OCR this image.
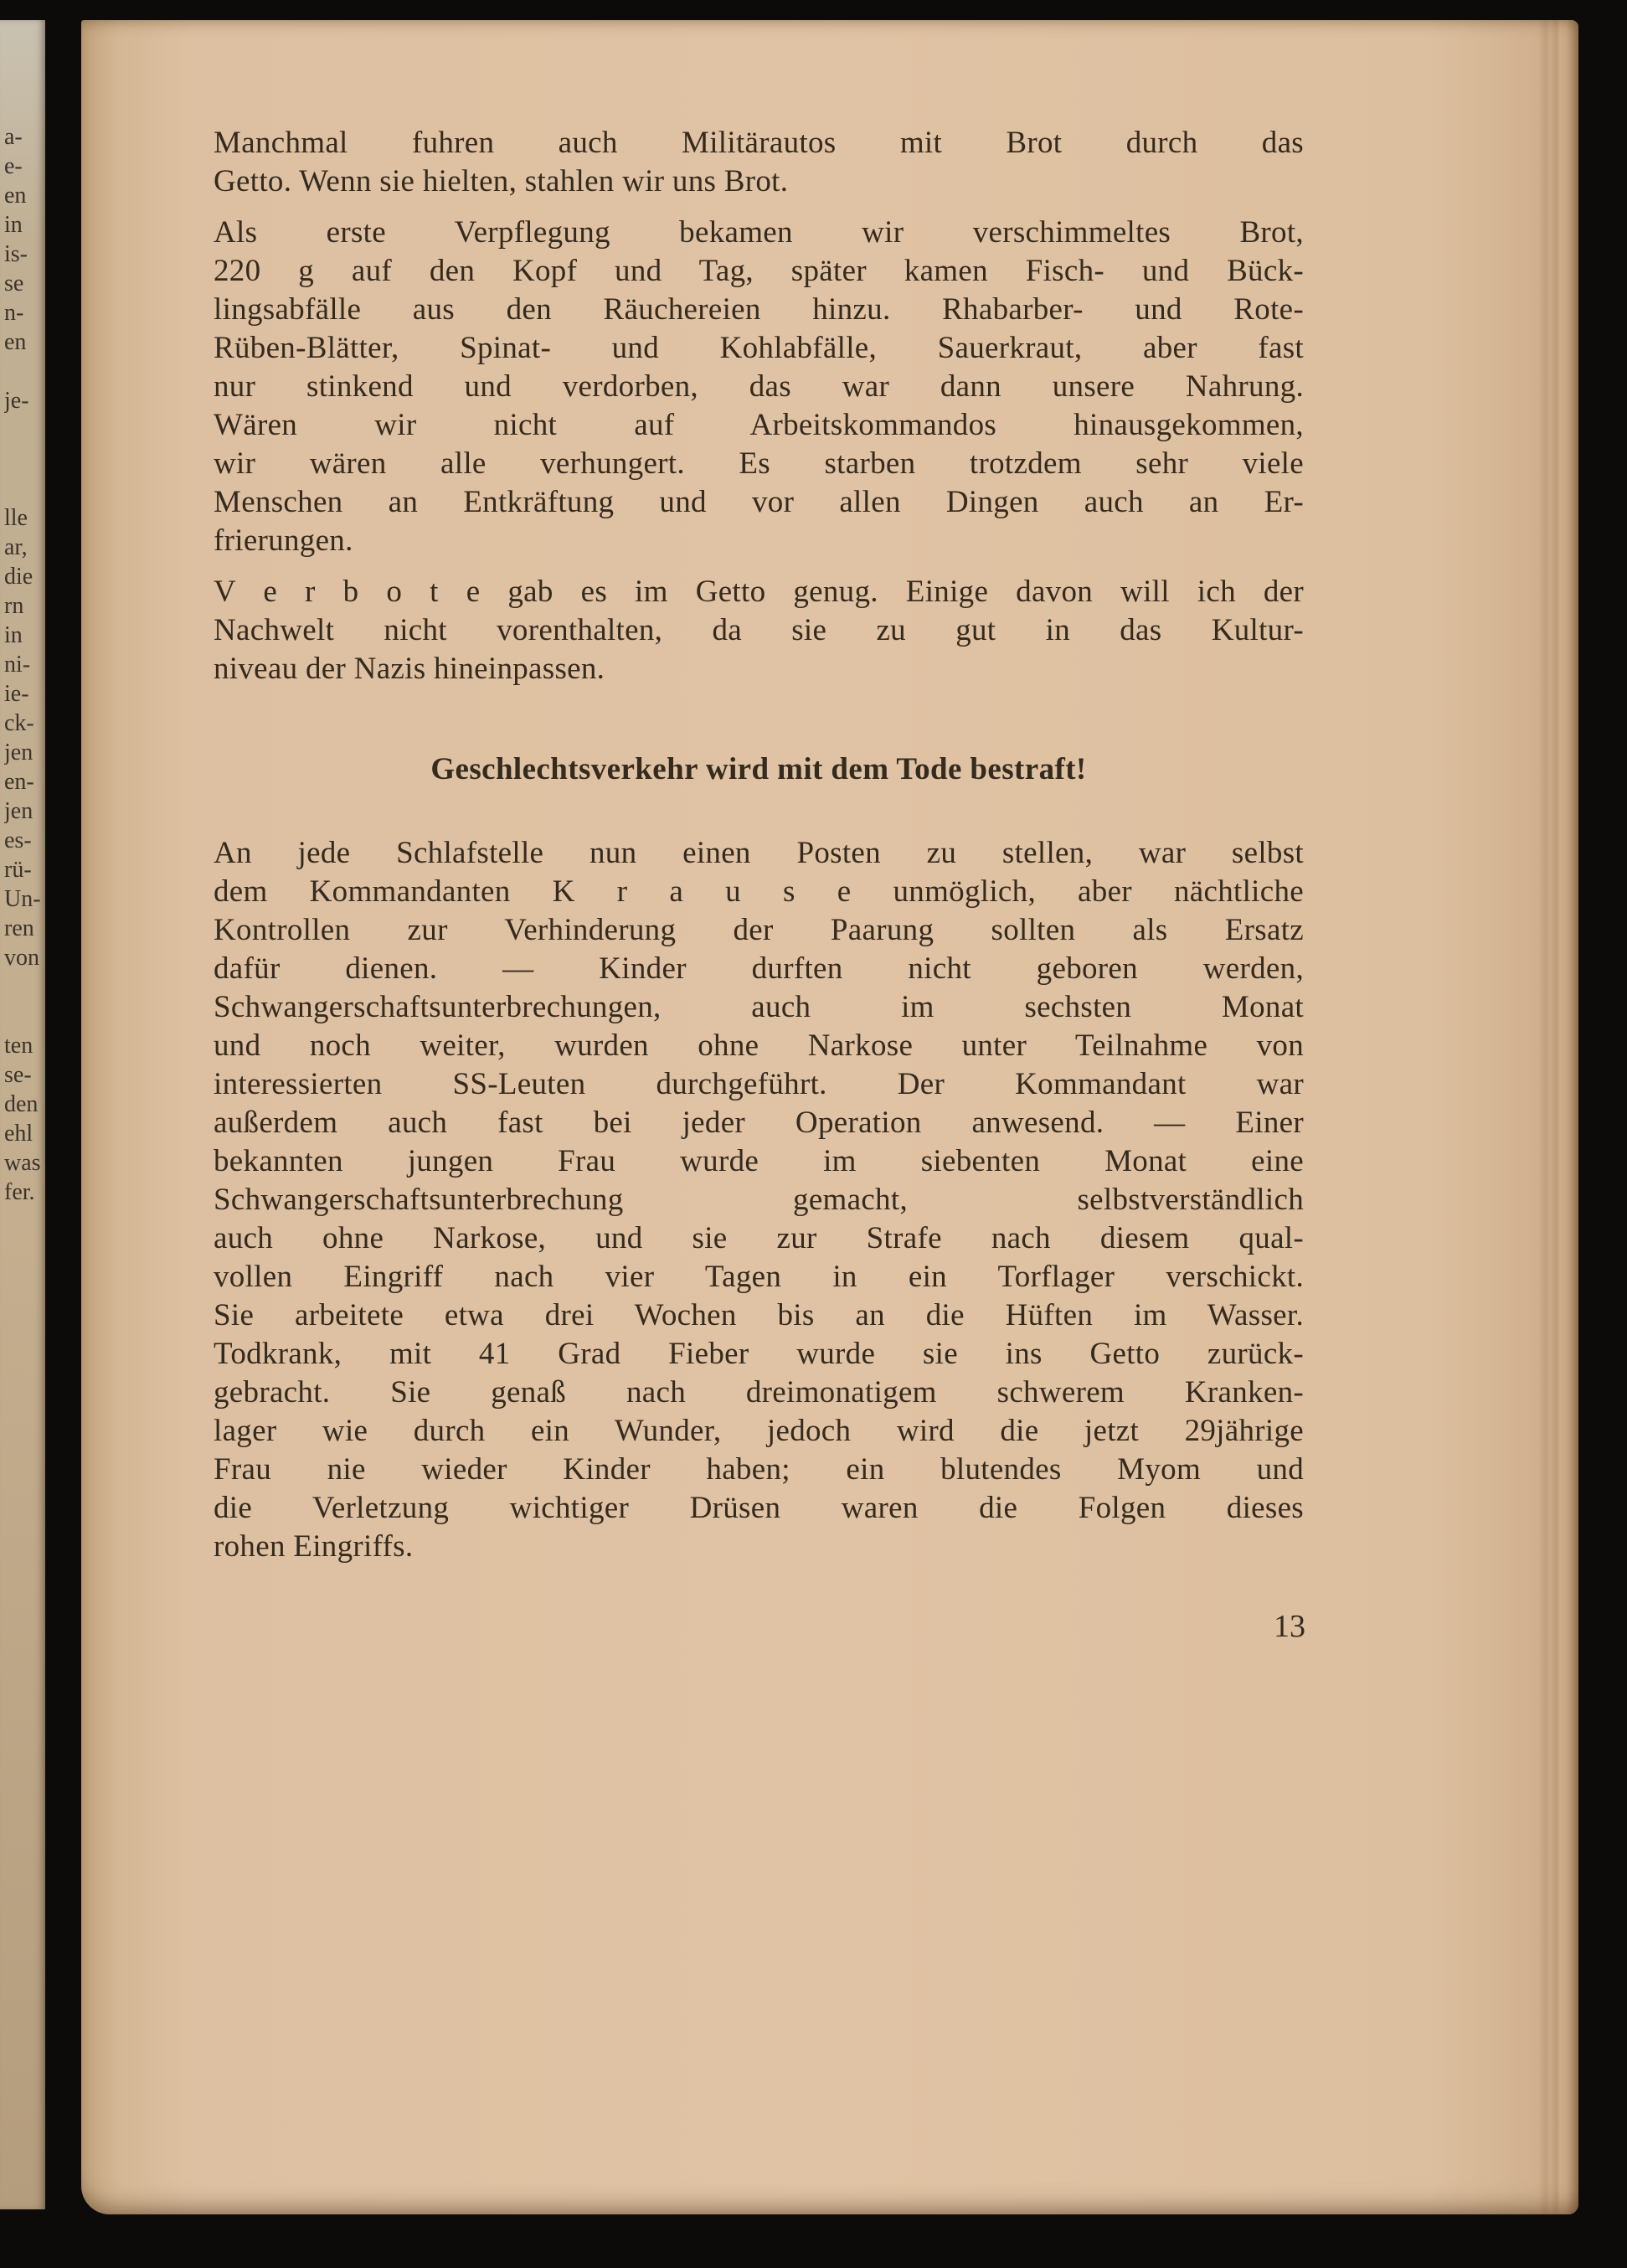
a-
e-
en
in
is-
se
n-
en

je-

lle
ar,
die
rn
in
ni-
ie-
ck-
jen
en-
jen
es-
rü-
Un-
ren
von

ten
se-
den
ehl
was
fer.
Manchmal fuhren auch Militärautos mit Brot durch das
Getto. Wenn sie hielten, stahlen wir uns Brot.
Als erste Verpflegung bekamen wir verschimmeltes Brot,
220 g auf den Kopf und Tag, später kamen Fisch- und Bück-
lingsabfälle aus den Räuchereien hinzu. Rhabarber- und Rote-
Rüben-Blätter, Spinat- und Kohlabfälle, Sauerkraut, aber fast
nur stinkend und verdorben, das war dann unsere Nahrung.
Wären wir nicht auf Arbeitskommandos hinausgekommen,
wir wären alle verhungert. Es starben trotzdem sehr viele
Menschen an Entkräftung und vor allen Dingen auch an Er-
frierungen.
V e r b o t e gab es im Getto genug. Einige davon will ich der
Nachwelt nicht vorenthalten, da sie zu gut in das Kultur-
niveau der Nazis hineinpassen.
Geschlechtsverkehr wird mit dem Tode bestraft!
An jede Schlafstelle nun einen Posten zu stellen, war selbst
dem Kommandanten K r a u s e unmöglich, aber nächtliche
Kontrollen zur Verhinderung der Paarung sollten als Ersatz
dafür dienen. — Kinder durften nicht geboren werden,
Schwangerschaftsunterbrechungen, auch im sechsten Monat
und noch weiter, wurden ohne Narkose unter Teilnahme von
interessierten SS-Leuten durchgeführt. Der Kommandant war
außerdem auch fast bei jeder Operation anwesend. — Einer
bekannten jungen Frau wurde im siebenten Monat eine
Schwangerschaftsunterbrechung gemacht, selbstverständlich
auch ohne Narkose, und sie zur Strafe nach diesem qual-
vollen Eingriff nach vier Tagen in ein Torflager verschickt.
Sie arbeitete etwa drei Wochen bis an die Hüften im Wasser.
Todkrank, mit 41 Grad Fieber wurde sie ins Getto zurück-
gebracht. Sie genaß nach dreimonatigem schwerem Kranken-
lager wie durch ein Wunder, jedoch wird die jetzt 29jährige
Frau nie wieder Kinder haben; ein blutendes Myom und
die Verletzung wichtiger Drüsen waren die Folgen dieses
rohen Eingriffs.
13
